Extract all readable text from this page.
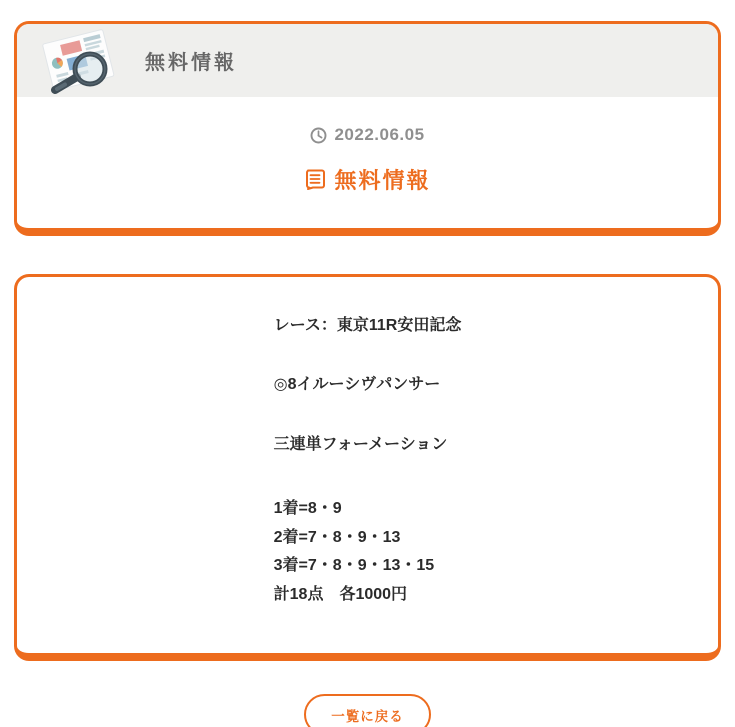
無料情報
2022.06.05
無料情報

レース：東京11R安田記念

◎8イルーシヴパンサー

三連単フォーメーション

1着=8・9

2着=7・8・9・13

3着=7・8・9・13・15

計18点　各1000円

一覧に戻る
